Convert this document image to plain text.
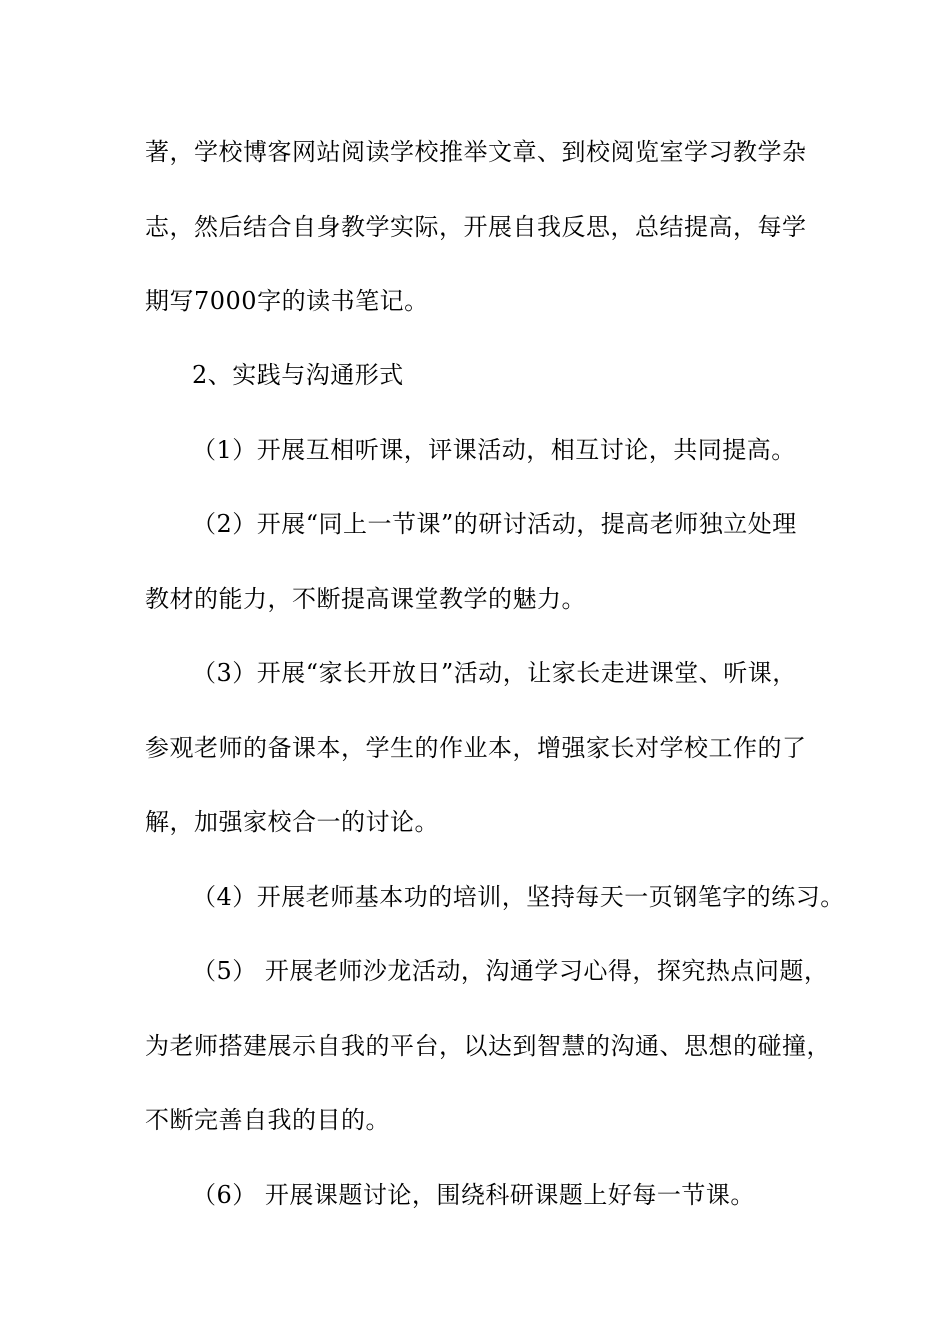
著，学校博客网站阅读学校推举文章、到校阅览室学习教学杂
志，然后结合自身教学实际，开展自我反思，总结提高，每学
期写7000字的读书笔记。
2、实践与沟通形式
（1）开展互相听课，评课活动，相互讨论，共同提高。
（2）开展“同上一节课”的研讨活动，提高老师独立处理
教材的能力，不断提高课堂教学的魅力。
（3）开展“家长开放日”活动，让家长走进课堂、听课，
参观老师的备课本，学生的作业本，增强家长对学校工作的了
解，加强家校合一的讨论。
（4）开展老师基本功的培训，坚持每天一页钢笔字的练习。
（5） 开展老师沙龙活动，沟通学习心得，探究热点问题，
为老师搭建展示自我的平台，以达到智慧的沟通、思想的碰撞，
不断完善自我的目的。
（6） 开展课题讨论，围绕科研课题上好每一节课。
